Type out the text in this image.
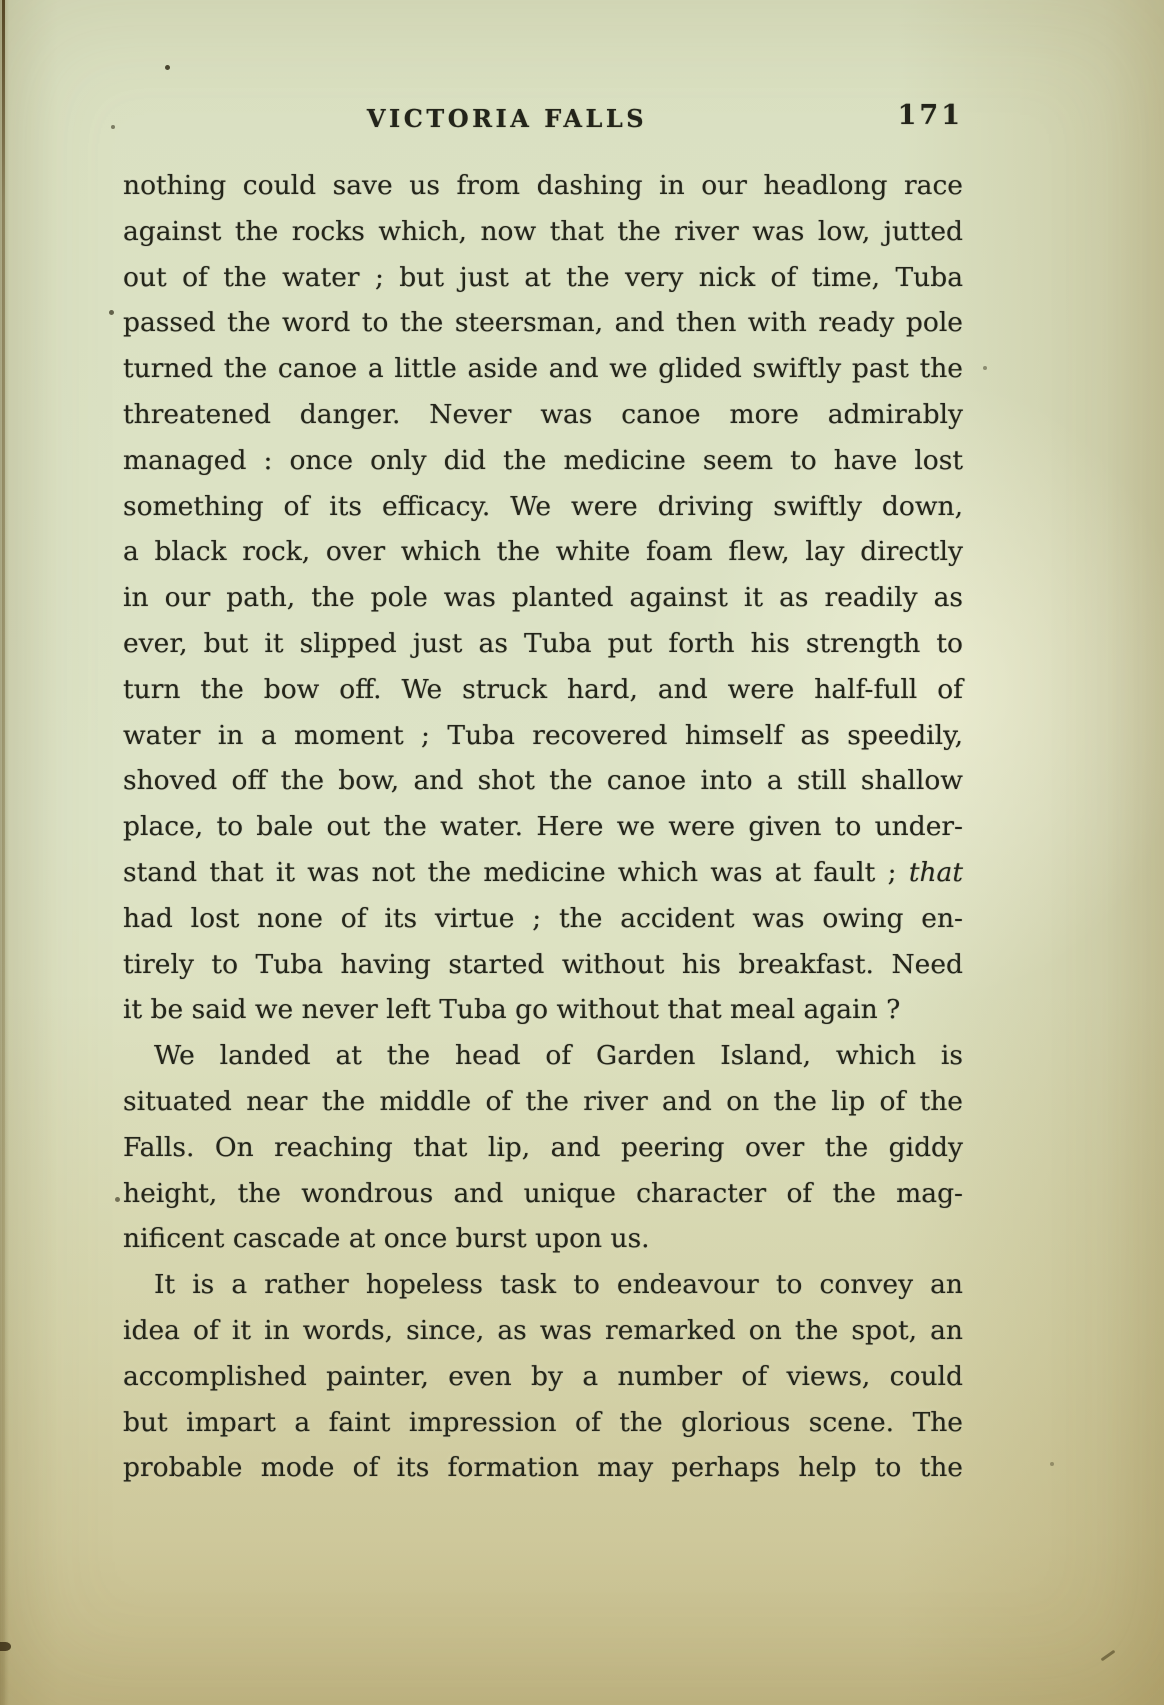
VICTORIA FALLS	171
nothing could save us from dashing in our headlong race
against the rocks which, now that the river was low, jutted
out of the water ; but just at the very nick of time, Tuba
passed the word to the steersman, and then with ready pole
turned the canoe a little aside and we glided swiftly past the
threatened danger. Never was canoe more admirably
managed : once only did the medicine seem to have lost
something of its efficacy. We were driving swiftly down,
a black rock, over which the white foam flew, lay directly
in our path, the pole was planted against it as readily as
ever, but it slipped just as Tuba put forth his strength to
turn the bow off. We struck hard, and were half-full of
water in a moment ; Tuba recovered himself as speedily,
shoved off the bow, and shot the canoe into a still shallow
place, to bale out the water. Here we were given to under-
stand that it was not the medicine which was at fault ; that
had lost none of its virtue ; the accident was owing en-
tirely to Tuba having started without his breakfast. Need
it be said we never left Tuba go without that meal again ?
We landed at the head of Garden Island, which is
situated near the middle of the river and on the lip of the
Falls. On reaching that lip, and peering over the giddy
height, the wondrous and unique character of the mag-
nificent cascade at once burst upon us.
It is a rather hopeless task to endeavour to convey an
idea of it in words, since, as was remarked on the spot, an
accomplished painter, even by a number of views, could
but impart a faint impression of the glorious scene. The
probable mode of its formation may perhaps help to the
